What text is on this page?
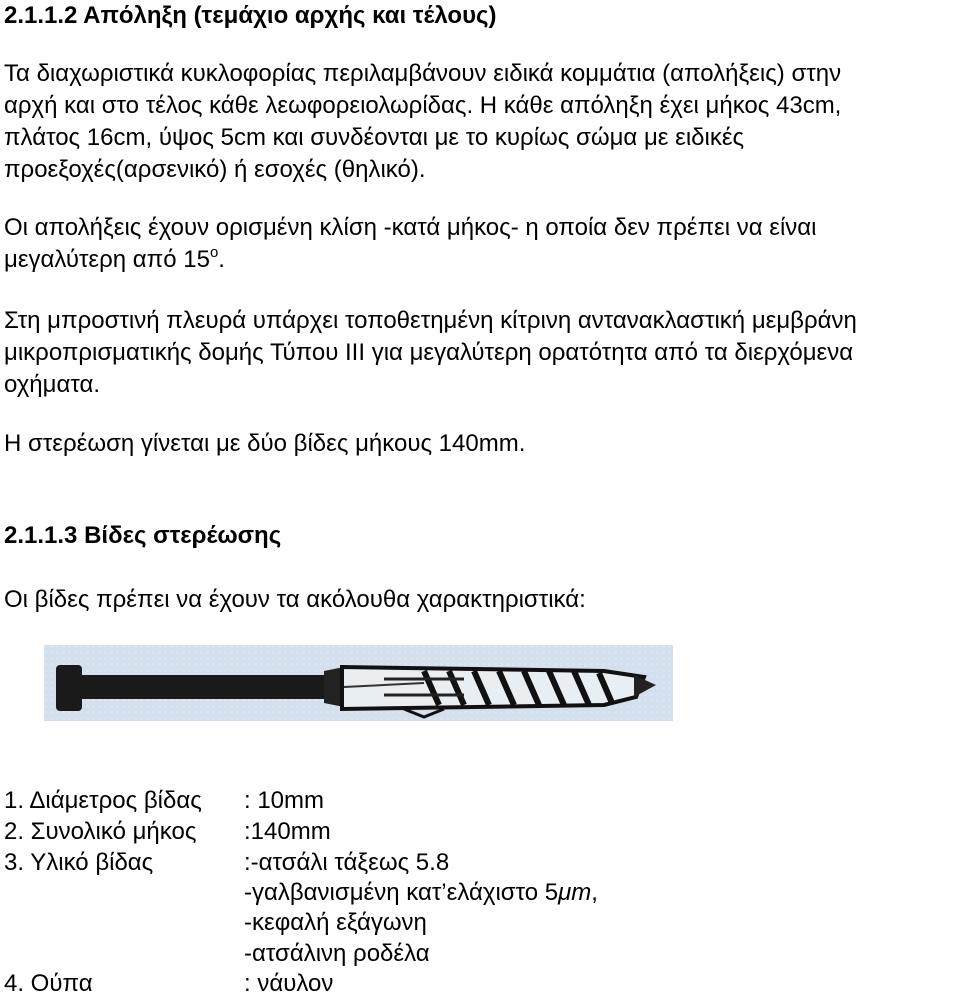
2.1.1.2 Απόληξη (τεμάχιο αρχής και τέλους)
Τα διαχωριστικά κυκλοφορίας περιλαμβάνουν ειδικά κομμάτια (απολήξεις) στην
αρχή και στο τέλος κάθε λεωφορειολωρίδας. Η κάθε απόληξη έχει μήκος 43cm,
πλάτος 16cm, ύψος 5cm και συνδέονται με το κυρίως σώμα με ειδικές
προεξοχές(αρσενικό) ή εσοχές (θηλικό).
Οι απολήξεις έχουν ορισμένη κλίση -κατά μήκος- η οποία δεν πρέπει να είναι
μεγαλύτερη από $15^o$.
Στη μπροστινή πλευρά υπάρχει τοποθετημένη κίτρινη αντανακλαστική μεμβράνη
μικροπρισματικής δομής Τύπου ΙΙΙ για μεγαλύτερη ορατότητα από τα διερχόμενα
οχήματα.
Η στερέωση γίνεται με δύο βίδες μήκους 140mm.
2.1.1.3 Βίδες στερέωσης
Οι βίδες πρέπει να έχουν τα ακόλουθα χαρακτηριστικά:
1. Διάμετρος βίδας : 10mm
2. Συνολικό μήκος :140mm
3. Υλικό βίδας	:-ατσάλι τάξεως 5.8
-γαλβανισμένη κατ’ελάχιστο 5μm,
-κεφαλή εξάγωνη
-ατσάλινη ροδέλα
4. Ούπα	: νάυλον
